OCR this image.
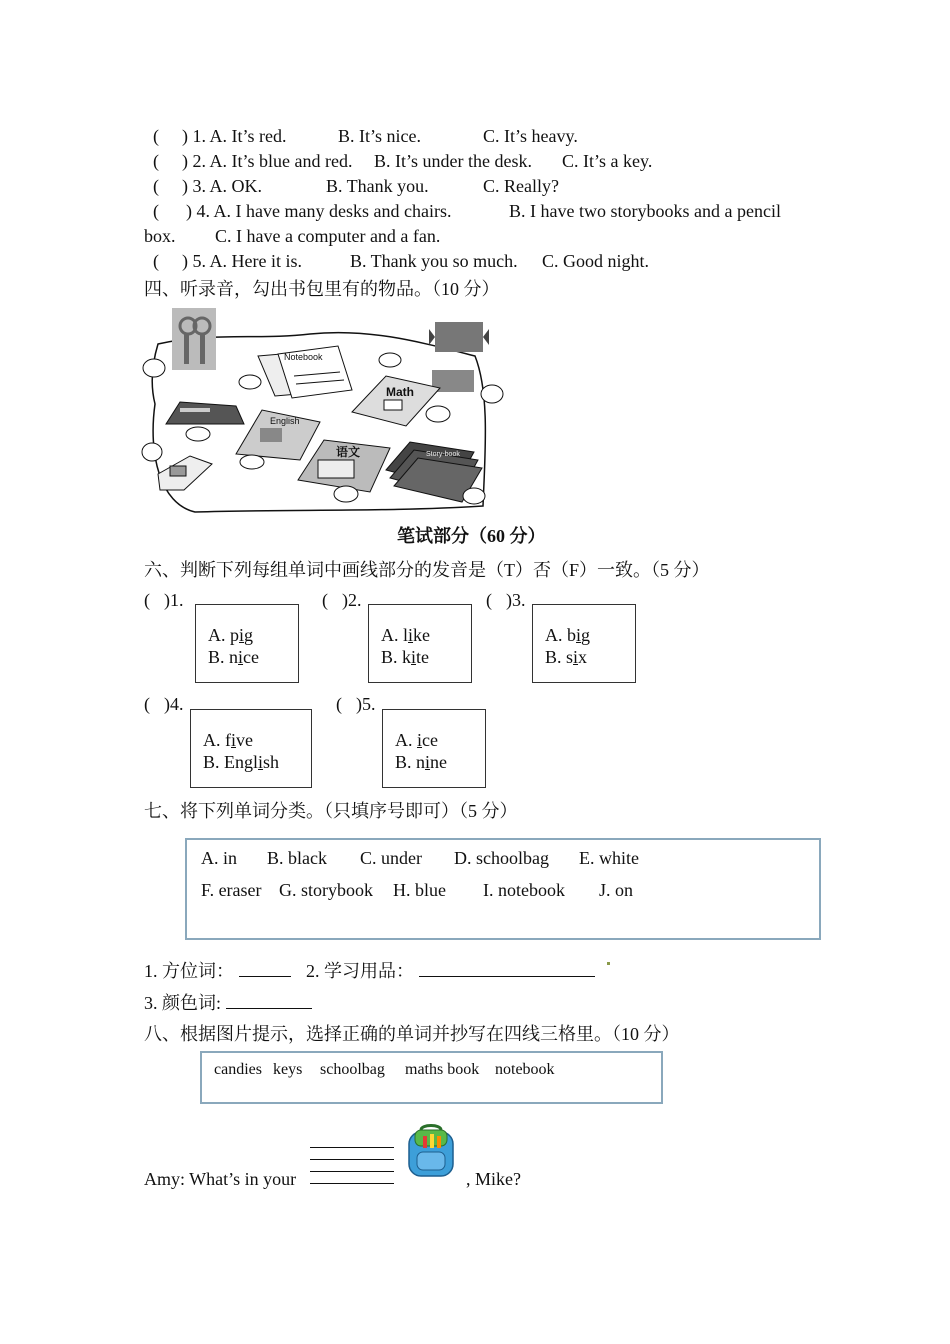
( ) 1. A. It’s red.	B. It’s nice.	C. It’s heavy.
( ) 2. A. It’s blue and red. B. It’s under the desk. C. It’s a key.
( ) 3. A. OK.	B. Thank you.	C. Really?
( ) 4. A. I have many desks and chairs.	B. I have two storybooks and a pencil
box. C. I have a computer and a fan.
( ) 5. A. Here it is.	B. Thank you so much. C. Good night.
四、听录音，勾出书包里有的物品。（10 分）
Notebook
Math
English
语文	Story-book
笔试部分（60 分）
六、判断下列每组单词中画线部分的发音是（T）否（F）一致。（5 分）
( )1.
A. pig
B. nice
( )2.
A. like
B. kite
( )3.
A. big
B. six
( )4.
A. five
B. English
( )5.
A. ice
B. nine
七、将下列单词分类。（只填序号即可）（5 分）
A. in B. black C. under D. schoolbag E. white
F. eraser G. storybook H. blue I. notebook J. on
1. 方位词：	2. 学习用品：
3. 颜色词:
八、根据图片提示，选择正确的单词并抄写在四线三格里。（10 分）
candies keys schoolbag maths book notebook
Amy: What’s in your	, Mike?
